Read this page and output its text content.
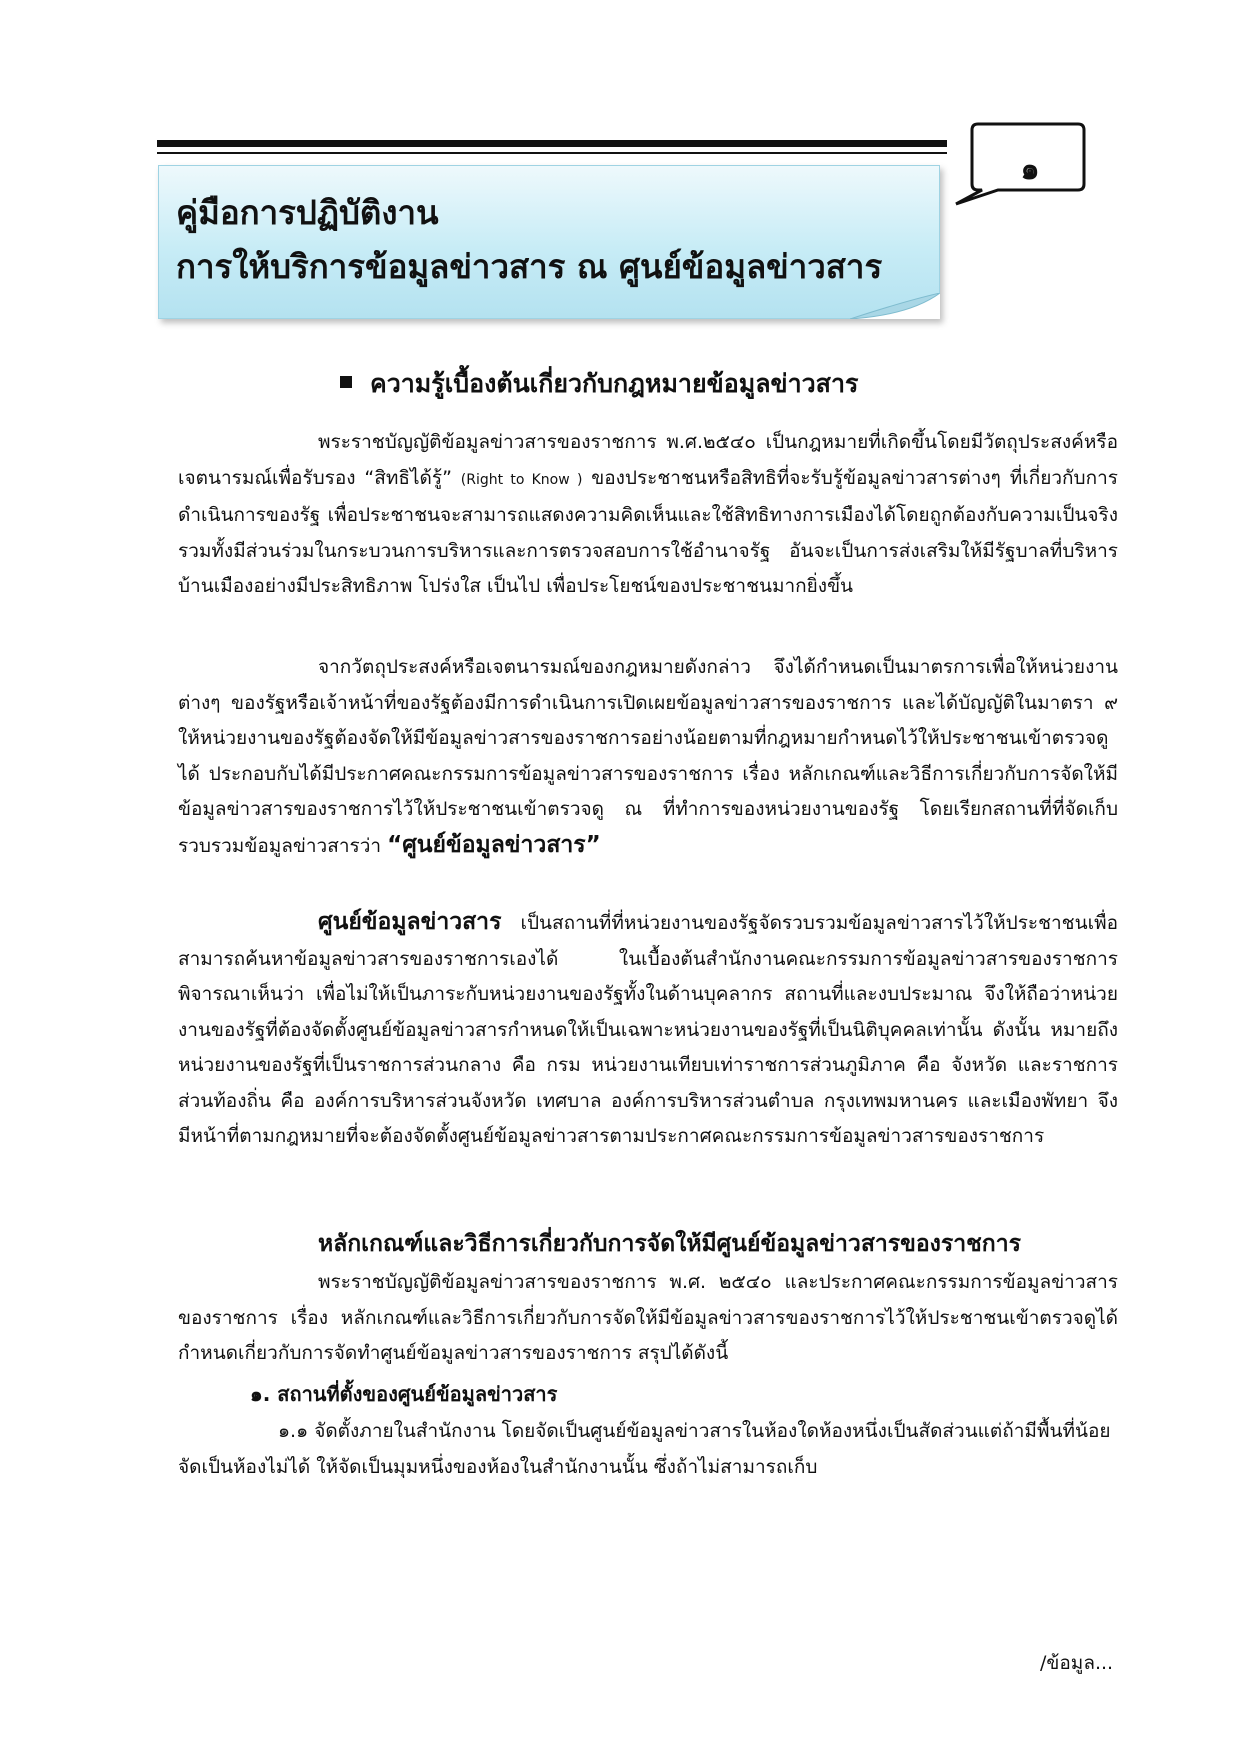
๑
คู่มือการปฏิบัติงาน
การให้บริการข้อมูลข่าวสาร ณ ศูนย์ข้อมูลข่าวสาร
ความรู้เบื้องต้นเกี่ยวกับกฎหมายข้อมูลข่าวสาร

พระราชบัญญัติข้อมูลข่าวสารของราชการ พ.ศ.๒๕๔๐ เป็นกฎหมายที่เกิดขึ้นโดยมีวัตถุประสงค์หรือเจตนารมณ์เพื่อรับรอง “สิทธิได้รู้” (Right to Know ) ของประชาชนหรือสิทธิที่จะรับรู้ข้อมูลข่าวสารต่างๆ ที่เกี่ยวกับการดำเนินการของรัฐ เพื่อประชาชนจะสามารถแสดงความคิดเห็นและใช้สิทธิทางการเมืองได้โดยถูกต้องกับความเป็นจริง รวมทั้งมีส่วนร่วมในกระบวนการบริหารและการตรวจสอบการใช้อำนาจรัฐ อันจะเป็นการส่งเสริมให้มีรัฐบาลที่บริหารบ้านเมืองอย่างมีประสิทธิภาพ โปร่งใส เป็นไป เพื่อประโยชน์ของประชาชนมากยิ่งขึ้น

จากวัตถุประสงค์หรือเจตนารมณ์ของกฎหมายดังกล่าว จึงได้กำหนดเป็นมาตรการเพื่อให้หน่วยงานต่างๆ ของรัฐหรือเจ้าหน้าที่ของรัฐต้องมีการดำเนินการเปิดเผยข้อมูลข่าวสารของราชการ และได้บัญญัติในมาตรา ๙ ให้หน่วยงานของรัฐต้องจัดให้มีข้อมูลข่าวสารของราชการอย่างน้อยตามที่กฎหมายกำหนดไว้ให้ประชาชนเข้าตรวจดูได้ ประกอบกับได้มีประกาศคณะกรรมการข้อมูลข่าวสารของราชการ เรื่อง หลักเกณฑ์และวิธีการเกี่ยวกับการจัดให้มีข้อมูลข่าวสารของราชการไว้ให้ประชาชนเข้าตรวจดู ณ ที่ทำการของหน่วยงานของรัฐ โดยเรียกสถานที่ที่จัดเก็บรวบรวมข้อมูลข่าวสารว่า “ศูนย์ข้อมูลข่าวสาร”

ศูนย์ข้อมูลข่าวสาร เป็นสถานที่ที่หน่วยงานของรัฐจัดรวบรวมข้อมูลข่าวสารไว้ให้ประชาชนเพื่อสามารถค้นหาข้อมูลข่าวสารของราชการเองได้ ในเบื้องต้นสำนักงานคณะกรรมการข้อมูลข่าวสารของราชการพิจารณาเห็นว่า เพื่อไม่ให้เป็นภาระกับหน่วยงานของรัฐทั้งในด้านบุคลากร สถานที่และงบประมาณ จึงให้ถือว่าหน่วยงานของรัฐที่ต้องจัดตั้งศูนย์ข้อมูลข่าวสารกำหนดให้เป็นเฉพาะหน่วยงานของรัฐที่เป็นนิติบุคคลเท่านั้น ดังนั้น หมายถึง หน่วยงานของรัฐที่เป็นราชการส่วนกลาง คือ กรม หน่วยงานเทียบเท่าราชการส่วนภูมิภาค คือ จังหวัด และราชการส่วนท้องถิ่น คือ องค์การบริหารส่วนจังหวัด เทศบาล องค์การบริหารส่วนตำบล กรุงเทพมหานคร และเมืองพัทยา จึงมีหน้าที่ตามกฎหมายที่จะต้องจัดตั้งศูนย์ข้อมูลข่าวสารตามประกาศคณะกรรมการข้อมูลข่าวสารของราชการ

หลักเกณฑ์และวิธีการเกี่ยวกับการจัดให้มีศูนย์ข้อมูลข่าวสารของราชการ

พระราชบัญญัติข้อมูลข่าวสารของราชการ พ.ศ. ๒๕๔๐ และประกาศคณะกรรมการข้อมูลข่าวสารของราชการ เรื่อง หลักเกณฑ์และวิธีการเกี่ยวกับการจัดให้มีข้อมูลข่าวสารของราชการไว้ให้ประชาชนเข้าตรวจดูได้กำหนดเกี่ยวกับการจัดทำศูนย์ข้อมูลข่าวสารของราชการ สรุปได้ดังนี้

๑. สถานที่ตั้งของศูนย์ข้อมูลข่าวสาร

๑.๑ จัดตั้งภายในสำนักงาน โดยจัดเป็นศูนย์ข้อมูลข่าวสารในห้องใดห้องหนึ่งเป็นสัดส่วนแต่ถ้ามีพื้นที่น้อยจัดเป็นห้องไม่ได้ ให้จัดเป็นมุมหนึ่งของห้องในสำนักงานนั้น ซึ่งถ้าไม่สามารถเก็บ

/ข้อมูล...
